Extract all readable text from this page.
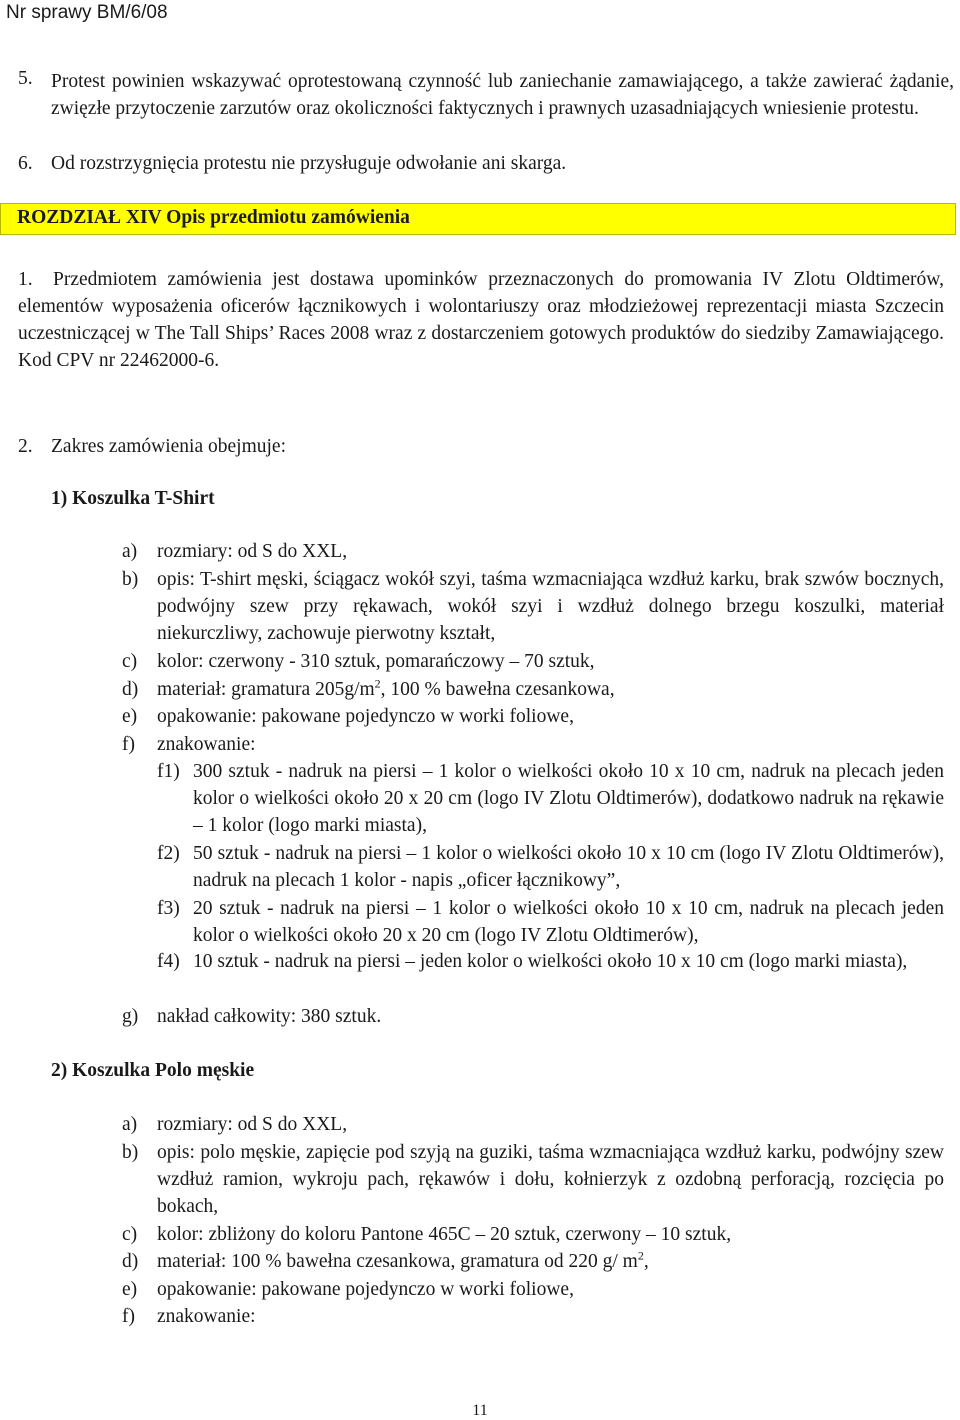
Nr sprawy BM/6/08
5. Protest powinien wskazywać oprotestowaną czynność lub zaniechanie zamawiającego, a także zawierać żądanie, zwięzłe przytoczenie zarzutów oraz okoliczności faktycznych i prawnych uzasadniających wniesienie protestu.
6. Od rozstrzygnięcia protestu nie przysługuje odwołanie ani skarga.
ROZDZIAŁ XIV Opis przedmiotu zamówienia
1.	Przedmiotem zamówienia jest dostawa upominków przeznaczonych do promowania IV Zlotu Oldtimerów, elementów wyposażenia oficerów łącznikowych i wolontariuszy oraz młodzieżowej reprezentacji miasta Szczecin uczestniczącej w The Tall Ships’ Races 2008 wraz z dostarczeniem gotowych produktów do siedziby Zamawiającego. Kod CPV nr 22462000-6.
2. Zakres zamówienia obejmuje:
1) Koszulka T-Shirt
a) rozmiary: od S do XXL,
b) opis: T-shirt męski, ściągacz wokół szyi, taśma wzmacniająca wzdłuż karku, brak szwów bocznych, podwójny szew przy rękawach, wokół szyi i wzdłuż dolnego brzegu koszulki, materiał niekurczliwy, zachowuje pierwotny kształt,
c) kolor: czerwony - 310 sztuk, pomarańczowy – 70 sztuk,
d) materiał: gramatura $205g/m^2$, 100 % bawełna czesankowa,
e) opakowanie: pakowane pojedynczo w worki foliowe,
f) znakowanie:
f1) 300 sztuk - nadruk na piersi – 1 kolor o wielkości około 10 x 10 cm, nadruk na plecach jeden kolor o wielkości około 20 x 20 cm (logo IV Zlotu Oldtimerów), dodatkowo nadruk na rękawie – 1 kolor (logo marki miasta),
f2) 50 sztuk - nadruk na piersi – 1 kolor o wielkości około 10 x 10 cm (logo IV Zlotu Oldtimerów), nadruk na plecach 1 kolor - napis „oficer łącznikowy”,
f3) 20 sztuk - nadruk na piersi – 1 kolor o wielkości około 10 x 10 cm, nadruk na plecach jeden kolor o wielkości około 20 x 20 cm (logo IV Zlotu Oldtimerów),
f4) 10 sztuk - nadruk na piersi – jeden kolor o wielkości około 10 x 10 cm (logo marki miasta),
g) nakład całkowity: 380 sztuk.
2) Koszulka Polo męskie
a) rozmiary: od S do XXL,
b) opis: polo męskie, zapięcie pod szyją na guziki, taśma wzmacniająca wzdłuż karku, podwójny szew wzdłuż ramion, wykroju pach, rękawów i dołu, kołnierzyk z ozdobną perforacją, rozcięcia po bokach,
c) kolor: zbliżony do koloru Pantone 465C – 20 sztuk, czerwony – 10 sztuk,
d) materiał: 100 % bawełna czesankowa, gramatura od 220 g/ $m^2$,
e) opakowanie: pakowane pojedynczo w worki foliowe,
f) znakowanie:
11
